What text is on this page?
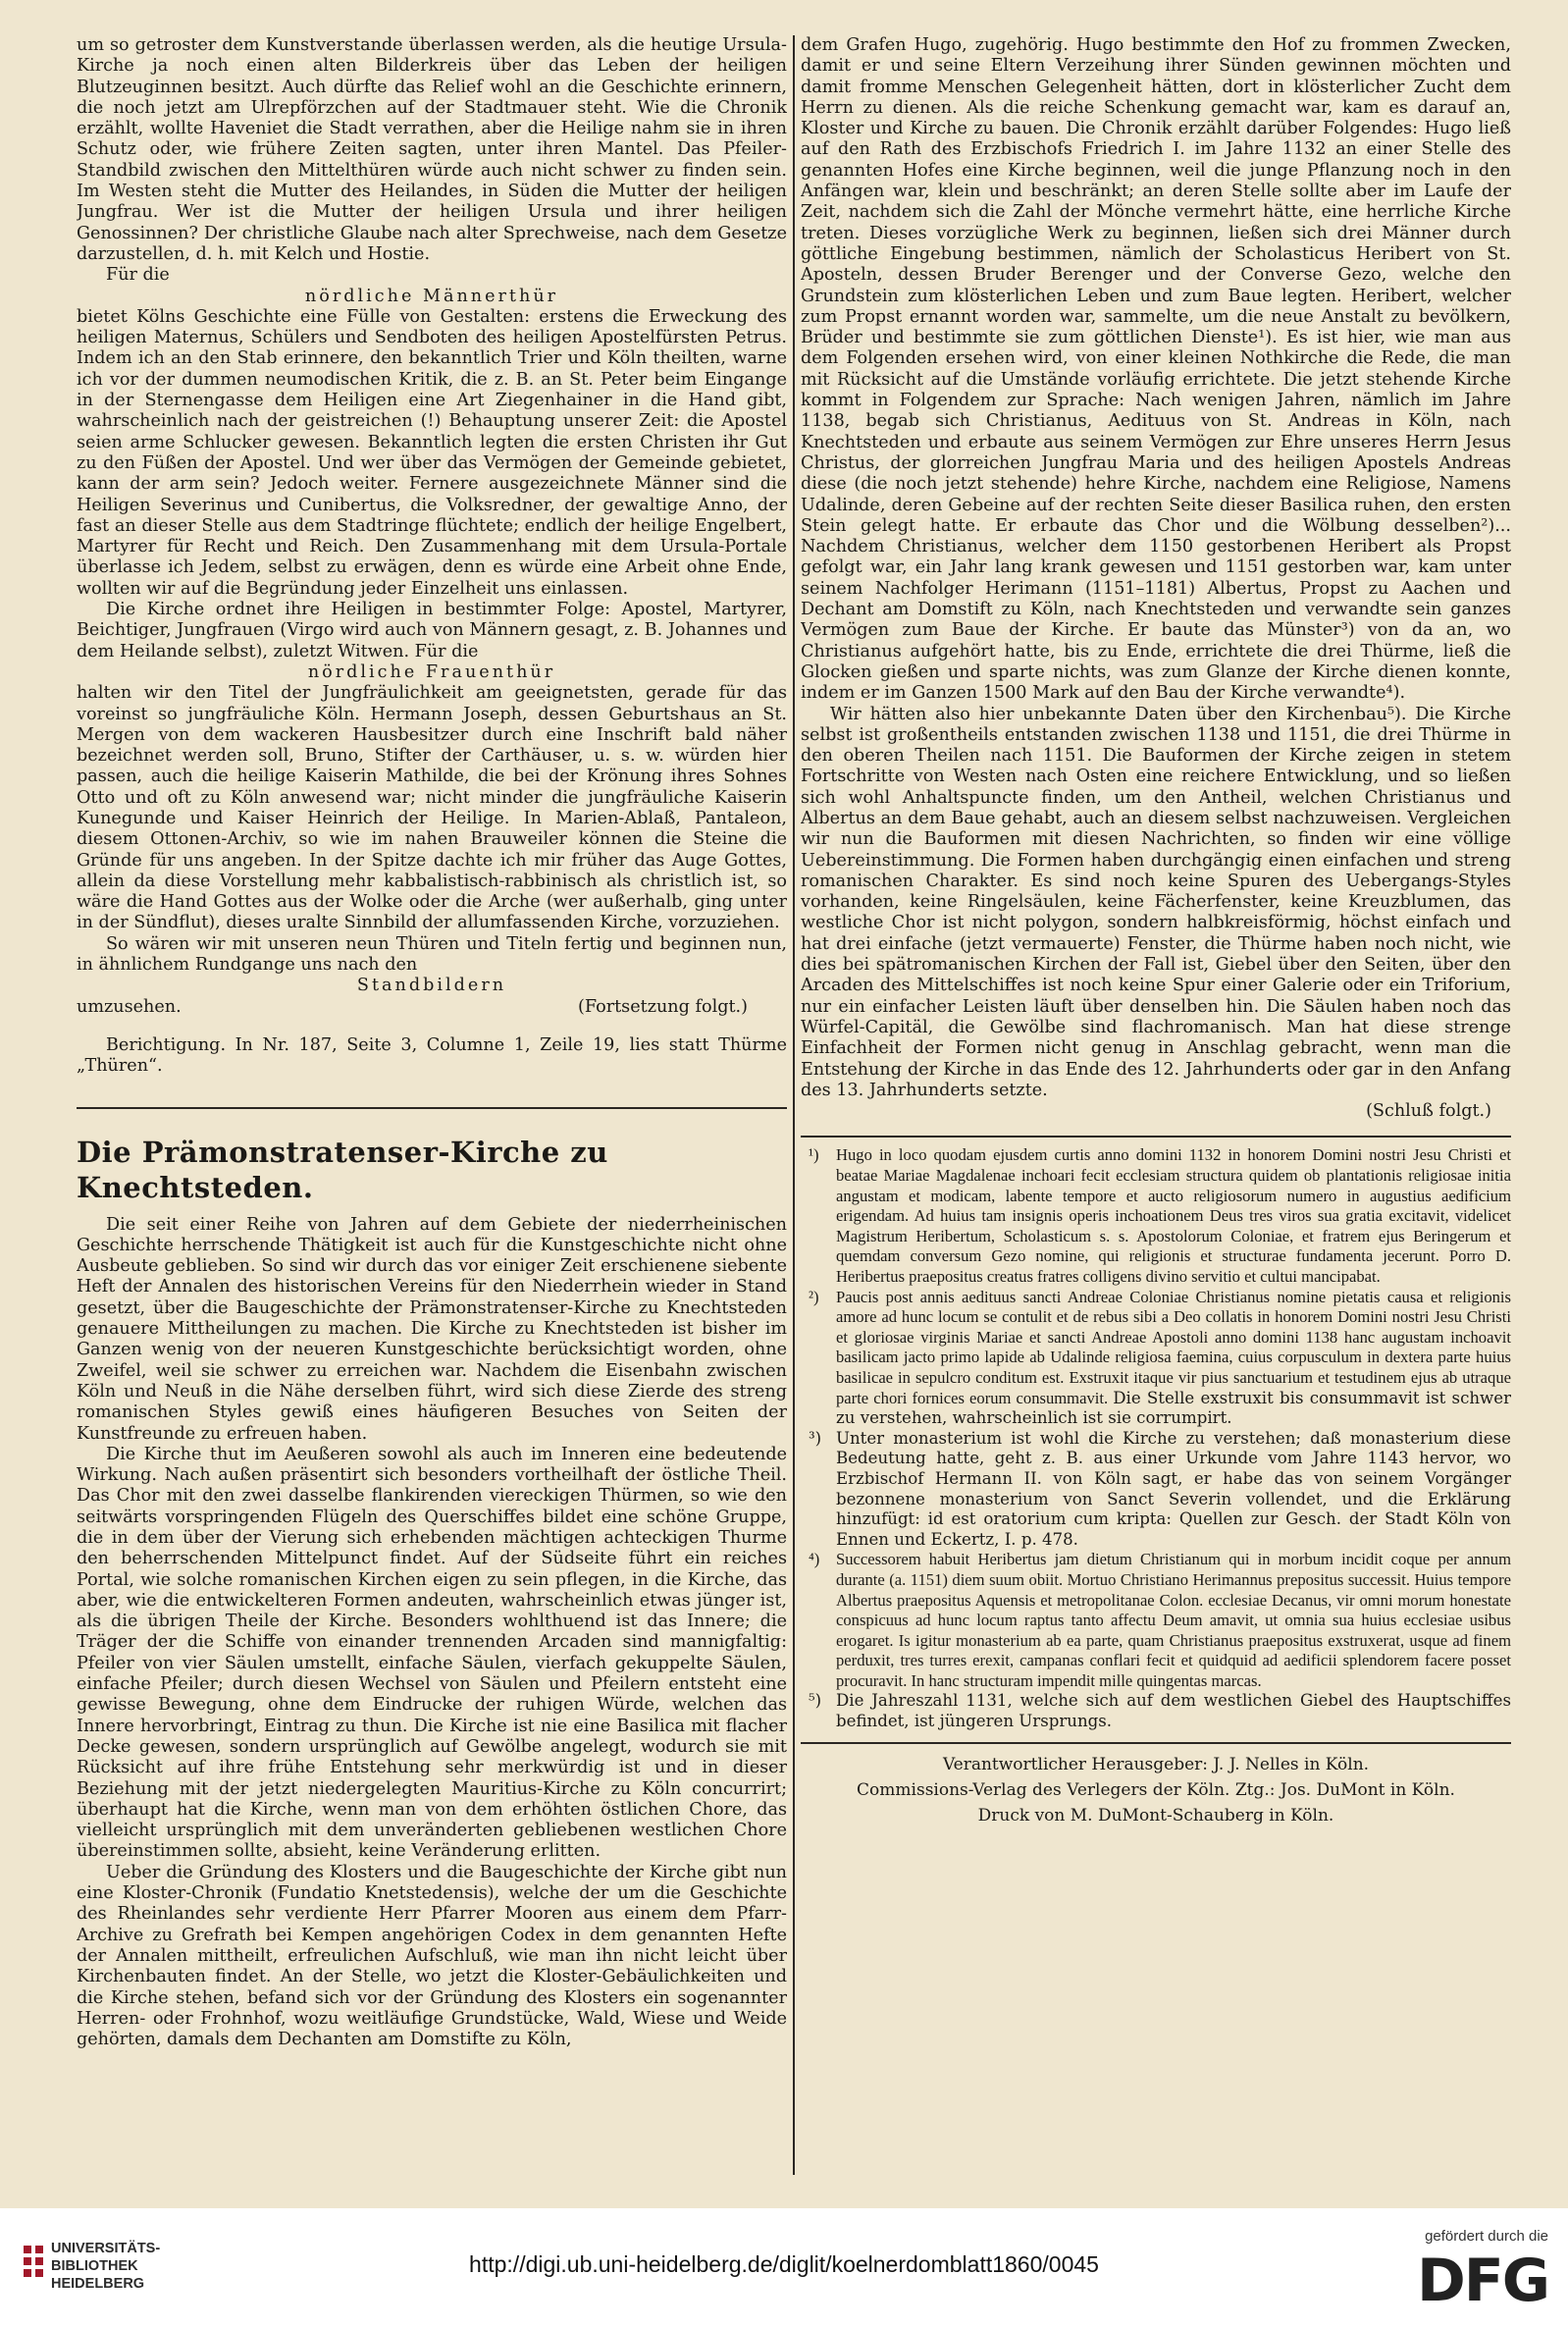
um so getroster dem Kunstverstande überlassen werden, als die heutige Ursula-Kirche ja noch einen alten Bilderkreis über das Leben der heiligen Blutzeuginnen besitzt. Auch dürfte das Relief wohl an die Geschichte erinnern, die noch jetzt am Ulrepförzchen auf der Stadtmauer steht. Wie die Chronik erzählt, wollte Haveniet die Stadt verrathen, aber die Heilige nahm sie in ihren Schutz oder, wie frühere Zeiten sagten, unter ihren Mantel. Das Pfeiler-Standbild zwischen den Mittelthüren würde auch nicht schwer zu finden sein. Im Westen steht die Mutter des Heilandes, in Süden die Mutter der heiligen Jungfrau. Wer ist die Mutter der heiligen Ursula und ihrer heiligen Genossinnen? Der christliche Glaube nach alter Sprechweise, nach dem Gesetze darzustellen, d. h. mit Kelch und Hostie.

Für die

nördliche Männerthür

bietet Kölns Geschichte eine Fülle von Gestalten: erstens die Erweckung des heiligen Maternus, Schülers und Sendboten des heiligen Apostelfürsten Petrus. Indem ich an den Stab erinnere, den bekanntlich Trier und Köln theilten, warne ich vor der dummen neumodischen Kritik, die z. B. an St. Peter beim Eingange in der Sternengasse dem Heiligen eine Art Ziegenhainer in die Hand gibt, wahrscheinlich nach der geistreichen (!) Behauptung unserer Zeit: die Apostel seien arme Schlucker gewesen. Bekanntlich legten die ersten Christen ihr Gut zu den Füßen der Apostel. Und wer über das Vermögen der Gemeinde gebietet, kann der arm sein? Jedoch weiter. Fernere ausgezeichnete Männer sind die Heiligen Severinus und Cunibertus, die Volksredner, der gewaltige Anno, der fast an dieser Stelle aus dem Stadtringe flüchtete; endlich der heilige Engelbert, Martyrer für Recht und Reich. Den Zusammenhang mit dem Ursula-Portale überlasse ich Jedem, selbst zu erwägen, denn es würde eine Arbeit ohne Ende, wollten wir auf die Begründung jeder Einzelheit uns einlassen.

Die Kirche ordnet ihre Heiligen in bestimmter Folge: Apostel, Martyrer, Beichtiger, Jungfrauen (Virgo wird auch von Männern gesagt, z. B. Johannes und dem Heilande selbst), zuletzt Witwen. Für die

nördliche Frauenthür

halten wir den Titel der Jungfräulichkeit am geeignetsten, gerade für das voreinst so jungfräuliche Köln. Hermann Joseph, dessen Geburtshaus an St. Mergen von dem wackeren Hausbesitzer durch eine Inschrift bald näher bezeichnet werden soll, Bruno, Stifter der Carthäuser, u. s. w. würden hier passen, auch die heilige Kaiserin Mathilde, die bei der Krönung ihres Sohnes Otto und oft zu Köln anwesend war; nicht minder die jungfräuliche Kaiserin Kunegunde und Kaiser Heinrich der Heilige. In Marien-Ablaß, Pantaleon, diesem Ottonen-Archiv, so wie im nahen Brauweiler können die Steine die Gründe für uns angeben. In der Spitze dachte ich mir früher das Auge Gottes, allein da diese Vorstellung mehr kabbalistisch-rabbinisch als christlich ist, so wäre die Hand Gottes aus der Wolke oder die Arche (wer außerhalb, ging unter in der Sündflut), dieses uralte Sinnbild der allumfassenden Kirche, vorzuziehen.

So wären wir mit unseren neun Thüren und Titeln fertig und beginnen nun, in ähnlichem Rundgange uns nach den

Standbildern

umzusehen.	(Fortsetzung folgt.)

Berichtigung. In Nr. 187, Seite 3, Columne 1, Zeile 19, lies statt Thürme „Thüren“.

Die Prämonstratenser-Kirche zu Knechtsteden.

Die seit einer Reihe von Jahren auf dem Gebiete der niederrheinischen Geschichte herrschende Thätigkeit ist auch für die Kunstgeschichte nicht ohne Ausbeute geblieben. So sind wir durch das vor einiger Zeit erschienene siebente Heft der Annalen des historischen Vereins für den Niederrhein wieder in Stand gesetzt, über die Baugeschichte der Prämonstratenser-Kirche zu Knechtsteden genauere Mittheilungen zu machen. Die Kirche zu Knechtsteden ist bisher im Ganzen wenig von der neueren Kunstgeschichte berücksichtigt worden, ohne Zweifel, weil sie schwer zu erreichen war. Nachdem die Eisenbahn zwischen Köln und Neuß in die Nähe derselben führt, wird sich diese Zierde des streng romanischen Styles gewiß eines häufigeren Besuches von Seiten der Kunstfreunde zu erfreuen haben.

Die Kirche thut im Aeußeren sowohl als auch im Inneren eine bedeutende Wirkung. Nach außen präsentirt sich besonders vortheilhaft der östliche Theil. Das Chor mit den zwei dasselbe flankirenden viereckigen Thürmen, so wie den seitwärts vorspringenden Flügeln des Querschiffes bildet eine schöne Gruppe, die in dem über der Vierung sich erhebenden mächtigen achteckigen Thurme den beherrschenden Mittelpunct findet. Auf der Südseite führt ein reiches Portal, wie solche romanischen Kirchen eigen zu sein pflegen, in die Kirche, das aber, wie die entwickelteren Formen andeuten, wahrscheinlich etwas jünger ist, als die übrigen Theile der Kirche. Besonders wohlthuend ist das Innere; die Träger der die Schiffe von einander trennenden Arcaden sind mannigfaltig: Pfeiler von vier Säulen umstellt, einfache Säulen, vierfach gekuppelte Säulen, einfache Pfeiler; durch diesen Wechsel von Säulen und Pfeilern entsteht eine gewisse Bewegung, ohne dem Eindrucke der ruhigen Würde, welchen das Innere hervorbringt, Eintrag zu thun. Die Kirche ist nie eine Basilica mit flacher Decke gewesen, sondern ursprünglich auf Gewölbe angelegt, wodurch sie mit Rücksicht auf ihre frühe Entstehung sehr merkwürdig ist und in dieser Beziehung mit der jetzt niedergelegten Mauritius-Kirche zu Köln concurrirt; überhaupt hat die Kirche, wenn man von dem erhöhten östlichen Chore, das vielleicht ursprünglich mit dem unveränderten gebliebenen westlichen Chore übereinstimmen sollte, absieht, keine Veränderung erlitten.

Ueber die Gründung des Klosters und die Baugeschichte der Kirche gibt nun eine Kloster-Chronik (Fundatio Knetstedensis), welche der um die Geschichte des Rheinlandes sehr verdiente Herr Pfarrer Mooren aus einem dem Pfarr-Archive zu Grefrath bei Kempen angehörigen Codex in dem genannten Hefte der Annalen mittheilt, erfreulichen Aufschluß, wie man ihn nicht leicht über Kirchenbauten findet. An der Stelle, wo jetzt die Kloster-Gebäulichkeiten und die Kirche stehen, befand sich vor der Gründung des Klosters ein sogenannter Herren- oder Frohnhof, wozu weitläufige Grundstücke, Wald, Wiese und Weide gehörten, damals dem Dechanten am Domstifte zu Köln,

dem Grafen Hugo, zugehörig. Hugo bestimmte den Hof zu frommen Zwecken, damit er und seine Eltern Verzeihung ihrer Sünden gewinnen möchten und damit fromme Menschen Gelegenheit hätten, dort in klösterlicher Zucht dem Herrn zu dienen. Als die reiche Schenkung gemacht war, kam es darauf an, Kloster und Kirche zu bauen. Die Chronik erzählt darüber Folgendes: Hugo ließ auf den Rath des Erzbischofs Friedrich I. im Jahre 1132 an einer Stelle des genannten Hofes eine Kirche beginnen, weil die junge Pflanzung noch in den Anfängen war, klein und beschränkt; an deren Stelle sollte aber im Laufe der Zeit, nachdem sich die Zahl der Mönche vermehrt hätte, eine herrliche Kirche treten. Dieses vorzügliche Werk zu beginnen, ließen sich drei Männer durch göttliche Eingebung bestimmen, nämlich der Scholasticus Heribert von St. Aposteln, dessen Bruder Berenger und der Converse Gezo, welche den Grundstein zum klösterlichen Leben und zum Baue legten. Heribert, welcher zum Propst ernannt worden war, sammelte, um die neue Anstalt zu bevölkern, Brüder und bestimmte sie zum göttlichen Dienste¹). Es ist hier, wie man aus dem Folgenden ersehen wird, von einer kleinen Nothkirche die Rede, die man mit Rücksicht auf die Umstände vorläufig errichtete. Die jetzt stehende Kirche kommt in Folgendem zur Sprache: Nach wenigen Jahren, nämlich im Jahre 1138, begab sich Christianus, Aedituus von St. Andreas in Köln, nach Knechtsteden und erbaute aus seinem Vermögen zur Ehre unseres Herrn Jesus Christus, der glorreichen Jungfrau Maria und des heiligen Apostels Andreas diese (die noch jetzt stehende) hehre Kirche, nachdem eine Religiose, Namens Udalinde, deren Gebeine auf der rechten Seite dieser Basilica ruhen, den ersten Stein gelegt hatte. Er erbaute das Chor und die Wölbung desselben²)... Nachdem Christianus, welcher dem 1150 gestorbenen Heribert als Propst gefolgt war, ein Jahr lang krank gewesen und 1151 gestorben war, kam unter seinem Nachfolger Herimann (1151–1181) Albertus, Propst zu Aachen und Dechant am Domstift zu Köln, nach Knechtsteden und verwandte sein ganzes Vermögen zum Baue der Kirche. Er baute das Münster³) von da an, wo Christianus aufgehört hatte, bis zu Ende, errichtete die drei Thürme, ließ die Glocken gießen und sparte nichts, was zum Glanze der Kirche dienen konnte, indem er im Ganzen 1500 Mark auf den Bau der Kirche verwandte⁴).

Wir hätten also hier unbekannte Daten über den Kirchenbau⁵). Die Kirche selbst ist großentheils entstanden zwischen 1138 und 1151, die drei Thürme in den oberen Theilen nach 1151. Die Bauformen der Kirche zeigen in stetem Fortschritte von Westen nach Osten eine reichere Entwicklung, und so ließen sich wohl Anhaltspuncte finden, um den Antheil, welchen Christianus und Albertus an dem Baue gehabt, auch an diesem selbst nachzuweisen. Vergleichen wir nun die Bauformen mit diesen Nachrichten, so finden wir eine völlige Uebereinstimmung. Die Formen haben durchgängig einen einfachen und streng romanischen Charakter. Es sind noch keine Spuren des Uebergangs-Styles vorhanden, keine Ringelsäulen, keine Fächerfenster, keine Kreuzblumen, das westliche Chor ist nicht polygon, sondern halbkreisförmig, höchst einfach und hat drei einfache (jetzt vermauerte) Fenster, die Thürme haben noch nicht, wie dies bei spätromanischen Kirchen der Fall ist, Giebel über den Seiten, über den Arcaden des Mittelschiffes ist noch keine Spur einer Galerie oder ein Triforium, nur ein einfacher Leisten läuft über denselben hin. Die Säulen haben noch das Würfel-Capitäl, die Gewölbe sind flachromanisch. Man hat diese strenge Einfachheit der Formen nicht genug in Anschlag gebracht, wenn man die Entstehung der Kirche in das Ende des 12. Jahrhunderts oder gar in den Anfang des 13. Jahrhunderts setzte.

(Schluß folgt.)

¹) Hugo in loco quodam ejusdem curtis anno domini 1132 in honorem Domini nostri Jesu Christi et beatae Mariae Magdalenae inchoari fecit ecclesiam structura quidem ob plantationis religiosae initia angustam et modicam, labente tempore et aucto religiosorum numero in augustius aedificium erigendam. Ad huius tam insignis operis inchoationem Deus tres viros sua gratia excitavit, videlicet Magistrum Heribertum, Scholasticum s. s. Apostolorum Coloniae, et fratrem ejus Beringerum et quemdam conversum Gezo nomine, qui religionis et structurae fundamenta jecerunt. Porro D. Heribertus praepositus creatus fratres colligens divino servitio et cultui mancipabat.

²) Paucis post annis aedituus sancti Andreae Coloniae Christianus nomine pietatis causa et religionis amore ad hunc locum se contulit et de rebus sibi a Deo collatis in honorem Domini nostri Jesu Christi et gloriosae virginis Mariae et sancti Andreae Apostoli anno domini 1138 hanc augustam inchoavit basilicam jacto primo lapide ab Udalinde religiosa faemina, cuius corpusculum in dextera parte huius basilicae in sepulcro conditum est. Exstruxit itaque vir pius sanctuarium et testudinem ejus ab utraque parte chori fornices eorum consummavit. Die Stelle exstruxit bis consummavit ist schwer zu verstehen, wahrscheinlich ist sie corrumpirt.

³) Unter monasterium ist wohl die Kirche zu verstehen; daß monasterium diese Bedeutung hatte, geht z. B. aus einer Urkunde vom Jahre 1143 hervor, wo Erzbischof Hermann II. von Köln sagt, er habe das von seinem Vorgänger bezonnene monasterium von Sanct Severin vollendet, und die Erklärung hinzufügt: id est oratorium cum kripta: Quellen zur Gesch. der Stadt Köln von Ennen und Eckertz, I. p. 478.

⁴) Successorem habuit Heribertus jam dietum Christianum qui in morbum incidit coque per annum durante (a. 1151) diem suum obiit. Mortuo Christiano Herimannus prepositus successit. Huius tempore Albertus praepositus Aquensis et metropolitanae Colon. ecclesiae Decanus, vir omni morum honestate conspicuus ad hunc locum raptus tanto affectu Deum amavit, ut omnia sua huius ecclesiae usibus erogaret. Is igitur monasterium ab ea parte, quam Christianus praepositus exstruxerat, usque ad finem perduxit, tres turres erexit, campanas conflari fecit et quidquid ad aedificii splendorem facere posset procuravit. In hanc structuram impendit mille quingentas marcas.

⁵) Die Jahreszahl 1131, welche sich auf dem westlichen Giebel des Hauptschiffes befindet, ist jüngeren Ursprungs.

Verantwortlicher Herausgeber: J. J. Nelles in Köln.

Commissions-Verlag des Verlegers der Köln. Ztg.: Jos. DuMont in Köln.

Druck von M. DuMont-Schauberg in Köln.

UNIVERSITÄTS-
BIBLIOTHEK
HEIDELBERG
http://digi.ub.uni-heidelberg.de/diglit/koelnerdomblatt1860/0045
gefördert durch die
DFG
